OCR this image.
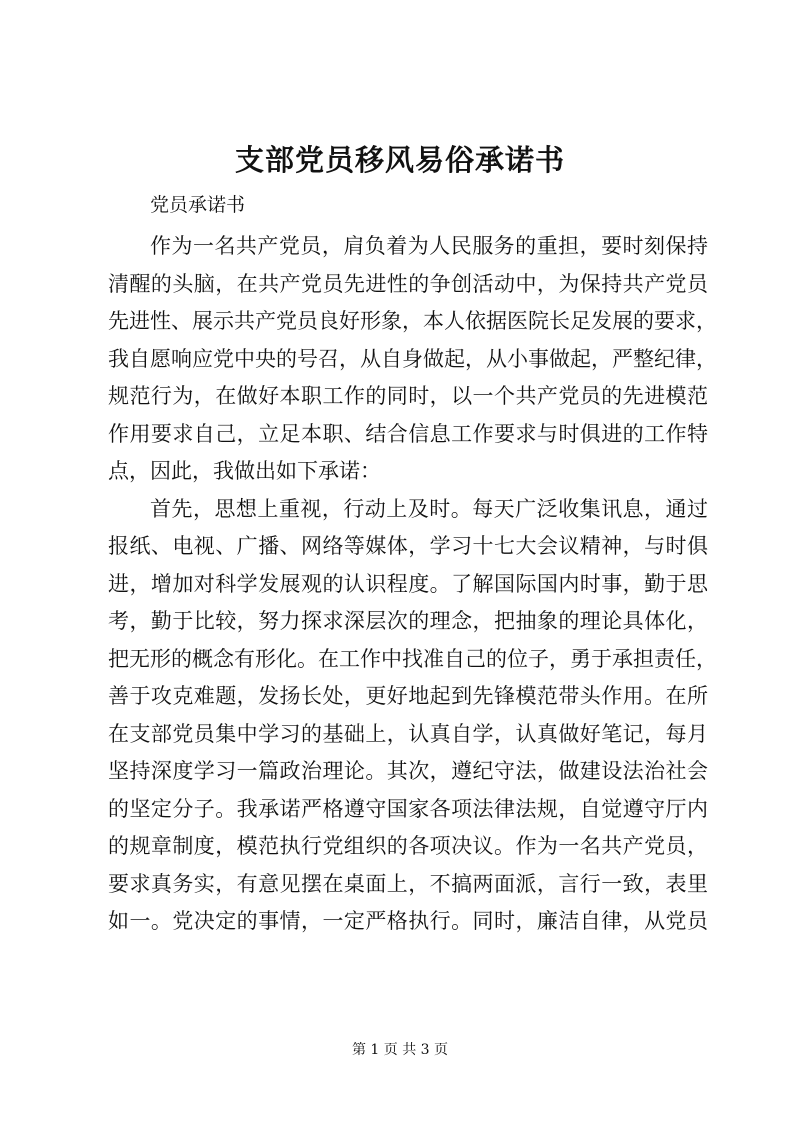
支部党员移风易俗承诺书
党员承诺书
作为一名共产党员，肩负着为人民服务的重担，要时刻保持
清醒的头脑，在共产党员先进性的争创活动中，为保持共产党员
先进性、展示共产党员良好形象，本人依据医院长足发展的要求，
我自愿响应党中央的号召，从自身做起，从小事做起，严整纪律，
规范行为，在做好本职工作的同时，以一个共产党员的先进模范
作用要求自己，立足本职、结合信息工作要求与时俱进的工作特
点，因此，我做出如下承诺：
首先，思想上重视，行动上及时。每天广泛收集讯息，通过
报纸、电视、广播、网络等媒体，学习十七大会议精神，与时俱
进，增加对科学发展观的认识程度。了解国际国内时事，勤于思
考，勤于比较，努力探求深层次的理念，把抽象的理论具体化，
把无形的概念有形化。在工作中找准自己的位子，勇于承担责任，
善于攻克难题，发扬长处，更好地起到先锋模范带头作用。在所
在支部党员集中学习的基础上，认真自学，认真做好笔记，每月
坚持深度学习一篇政治理论。其次，遵纪守法，做建设法治社会
的坚定分子。我承诺严格遵守国家各项法律法规，自觉遵守厅内
的规章制度，模范执行党组织的各项决议。作为一名共产党员，
要求真务实，有意见摆在桌面上，不搞两面派，言行一致，表里
如一。党决定的事情，一定严格执行。同时，廉洁自律，从党员
第 1 页 共 3 页
